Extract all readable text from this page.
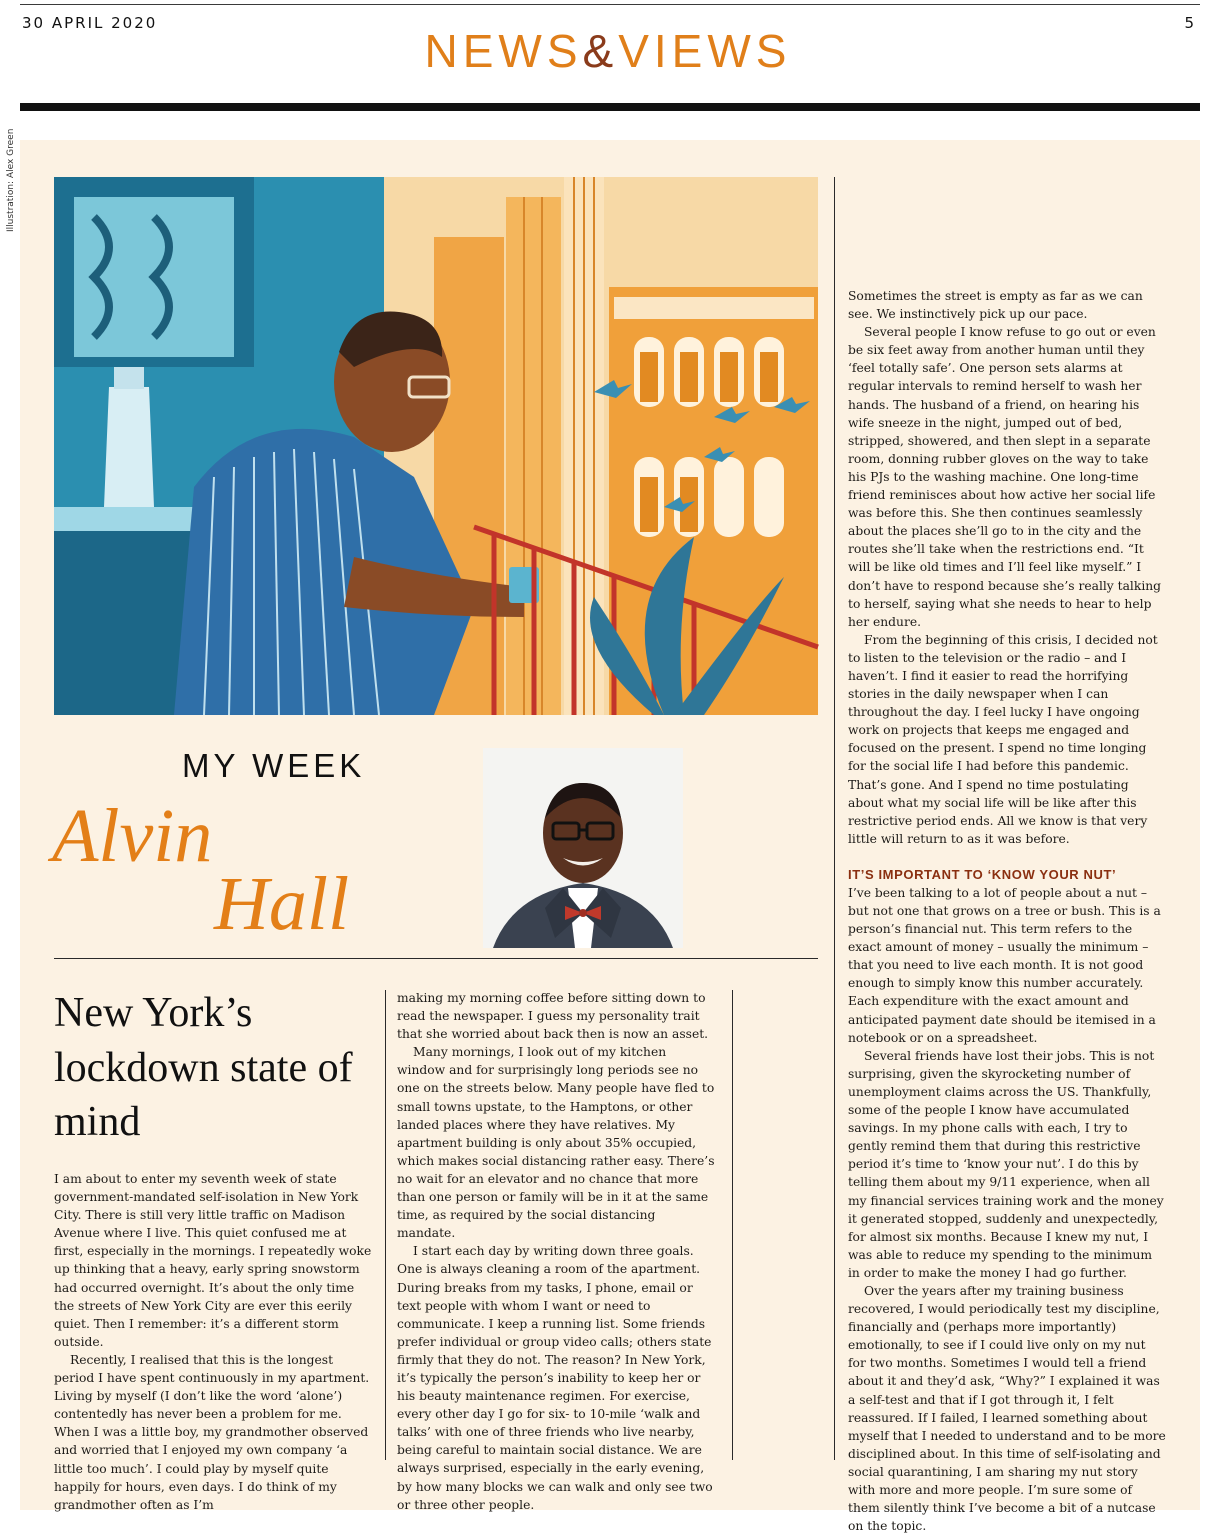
30 APRIL 2020	5
NEWS&VIEWS
Illustration: Alex Green
MY WEEK
Alvin
Hall
New York’s lockdown state of mind

I am about to enter my seventh week of state government-mandated self-isolation in New York City. There is still very little traffic on Madison Avenue where I live. This quiet confused me at first, especially in the mornings. I repeatedly woke up thinking that a heavy, early spring snowstorm had occurred overnight. It’s about the only time the streets of New York City are ever this eerily quiet. Then I remember: it’s a different storm outside.

Recently, I realised that this is the longest period I have spent continuously in my apartment. Living by myself (I don’t like the word ‘alone’) contentedly has never been a problem for me. When I was a little boy, my grandmother observed and worried that I enjoyed my own company ‘a little too much’. I could play by myself quite happily for hours, even days. I do think of my grandmother often as I’m

making my morning coffee before sitting down to read the newspaper. I guess my personality trait that she worried about back then is now an asset.

Many mornings, I look out of my kitchen window and for surprisingly long periods see no one on the streets below. Many people have fled to small towns upstate, to the Hamptons, or other landed places where they have relatives. My apartment building is only about 35% occupied, which makes social distancing rather easy. There’s no wait for an elevator and no chance that more than one person or family will be in it at the same time, as required by the social distancing mandate.

I start each day by writing down three goals. One is always cleaning a room of the apartment. During breaks from my tasks, I phone, email or text people with whom I want or need to communicate. I keep a running list. Some friends prefer individual or group video calls; others state firmly that they do not. The reason? In New York, it’s typically the person’s inability to keep her or his beauty maintenance regimen. For exercise, every other day I go for six- to 10-mile ‘walk and talks’ with one of three friends who live nearby, being careful to maintain social distance. We are always surprised, especially in the early evening, by how many blocks we can walk and only see two or three other people.

Sometimes the street is empty as far as we can see. We instinctively pick up our pace.

Several people I know refuse to go out or even be six feet away from another human until they ‘feel totally safe’. One person sets alarms at regular intervals to remind herself to wash her hands. The husband of a friend, on hearing his wife sneeze in the night, jumped out of bed, stripped, showered, and then slept in a separate room, donning rubber gloves on the way to take his PJs to the washing machine. One long-time friend reminisces about how active her social life was before this. She then continues seamlessly about the places she’ll go to in the city and the routes she’ll take when the restrictions end. “It will be like old times and I’ll feel like myself.” I don’t have to respond because she’s really talking to herself, saying what she needs to hear to help her endure.

From the beginning of this crisis, I decided not to listen to the television or the radio – and I haven’t. I find it easier to read the horrifying stories in the daily newspaper when I can throughout the day. I feel lucky I have ongoing work on projects that keeps me engaged and focused on the present. I spend no time longing for the social life I had before this pandemic. That’s gone. And I spend no time postulating about what my social life will be like after this restrictive period ends. All we know is that very little will return to as it was before.

IT’S IMPORTANT TO ‘KNOW YOUR NUT’

I’ve been talking to a lot of people about a nut – but not one that grows on a tree or bush. This is a person’s financial nut. This term refers to the exact amount of money – usually the minimum – that you need to live each month. It is not good enough to simply know this number accurately. Each expenditure with the exact amount and anticipated payment date should be itemised in a notebook or on a spreadsheet.

Several friends have lost their jobs. This is not surprising, given the skyrocketing number of unemployment claims across the US. Thankfully, some of the people I know have accumulated savings. In my phone calls with each, I try to gently remind them that during this restrictive period it’s time to ‘know your nut’. I do this by telling them about my 9/11 experience, when all my financial services training work and the money it generated stopped, suddenly and unexpectedly, for almost six months. Because I knew my nut, I was able to reduce my spending to the minimum in order to make the money I had go further.

Over the years after my training business recovered, I would periodically test my discipline, financially and (perhaps more importantly) emotionally, to see if I could live only on my nut for two months. Sometimes I would tell a friend about it and they’d ask, “Why?” I explained it was a self-test and that if I got through it, I felt reassured. If I failed, I learned something about myself that I needed to understand and to be more disciplined about. In this time of self-isolating and social quarantining, I am sharing my nut story with more and more people. I’m sure some of them silently think I’ve become a bit of a nutcase on the topic.
